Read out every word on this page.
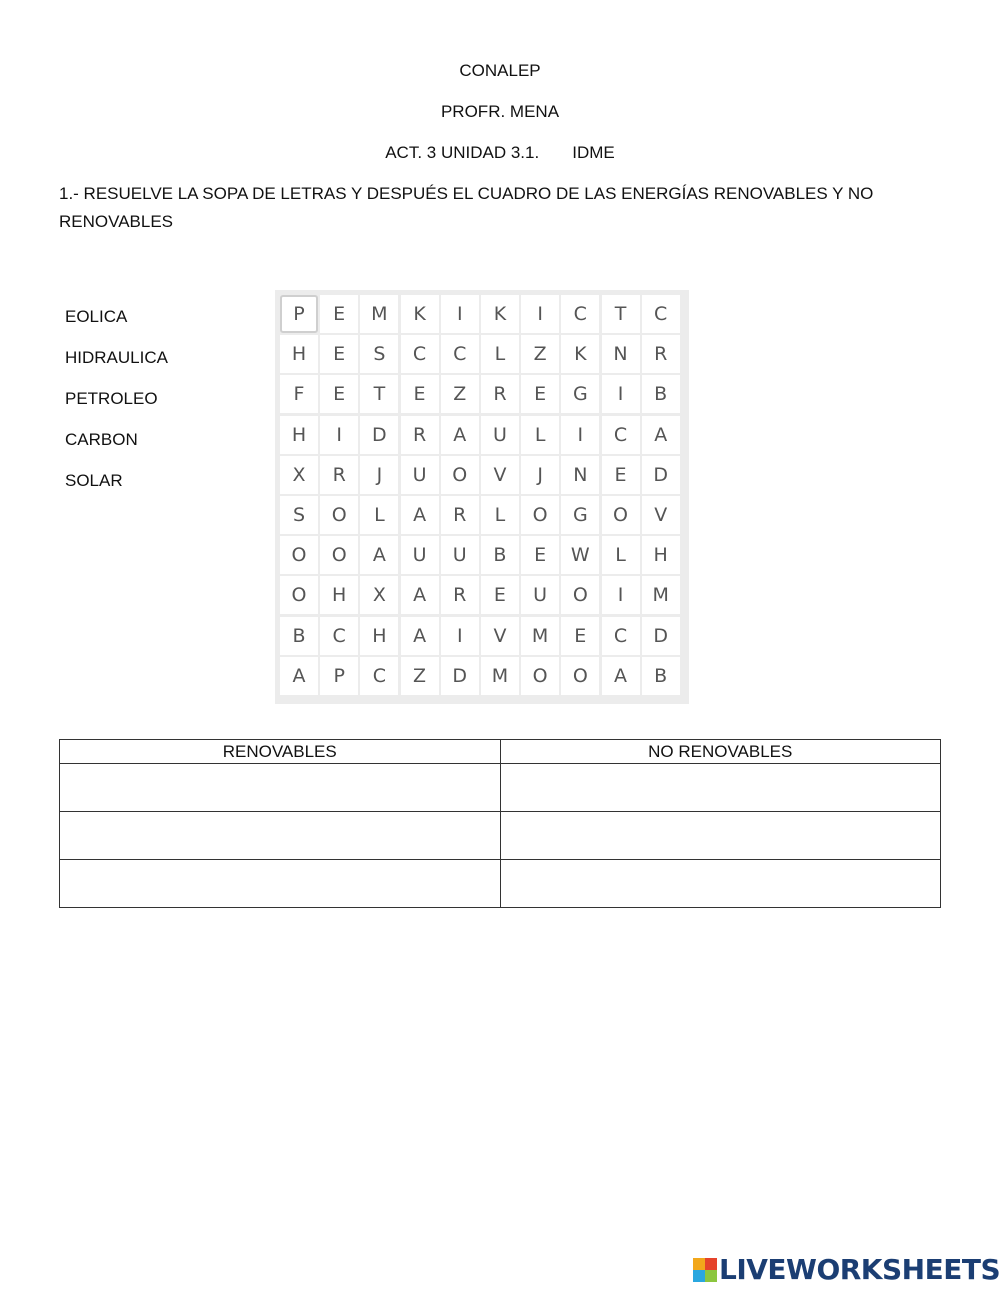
CONALEP
PROFR. MENA
ACT. 3 UNIDAD 3.1.       IDME
1.- RESUELVE LA SOPA DE LETRAS Y DESPUÉS EL CUADRO DE LAS ENERGÍAS RENOVABLES Y NO RENOVABLES
EOLICA
HIDRAULICA
PETROLEO
CARBON
SOLAR
P	E	M	K	I	K	I	C	T	C
H	E	S	C	C	L	Z	K	N	R
F	E	T	E	Z	R	E	G	I	B
H	I	D	R	A	U	L	I	C	A
X	R	J	U	O	V	J	N	E	D
S	O	L	A	R	L	O	G	O	V
O	O	A	U	U	B	E	W	L	H
O	H	X	A	R	E	U	O	I	M
B	C	H	A	I	V	M	E	C	D
A	P	C	Z	D	M	O	O	A	B
RENOVABLES	NO RENOVABLES

LIVEWORKSHEETS
